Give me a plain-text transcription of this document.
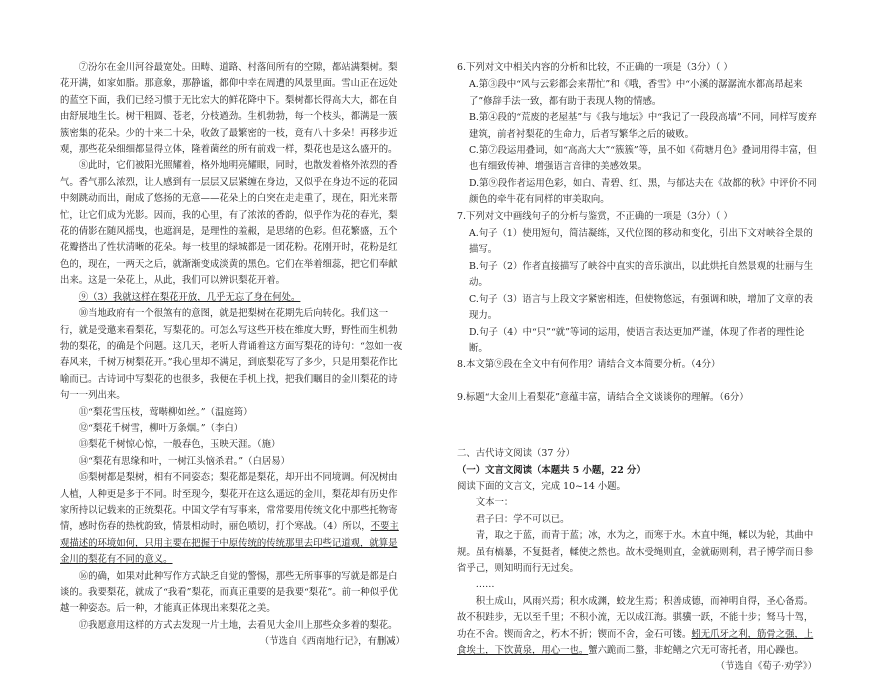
⑦汾尔在金川河谷最宽处。田畴、道路、村落间所有的空隙，都站满梨树。梨花开满，如家如脂。那意象，那静谧，都仰中幸在周遭的风景里面。雪山正在远处的蓝空下面，我们已经习惯于无比宏大的鲜花降中下。梨树都长得高大大，都在自由舒展地生长。树干粗圆、苍老，分枝遒劲。生机勃勃，每一个枝头，都满是一簇簇密集的花朵。少的十来二十朵，收敛了最繁密的一枝，竟有八十多朵！再移步近观，那些花朵细细都显得立体，隆着菌丝的所有前戏一样，梨花也是这么盛开的。

⑧此时，它们被阳光照耀着，格外地明亮耀眼，同时，也散发着格外浓烈的香气。香气那么浓烈，让人感到有一层层又层紧缠在身边，又似乎在身边不远的花园中刻跳动而出，耐成了悠扬的无意——花朵上的白突在走走重了，现在，阳光来帮忙，让它们成为光影。因而，我的心里，有了浓浓的香韵，似乎作为花的春光，梨花的倩影在随风摇曳，也遮润是，是理性的羞赧，是思绪的色彩。但花繁盛，五个花瓣搭出了性状清晰的花朵。每一枝里的绿城都是一团花粉。花刚开时，花粉是红色的，现在，一两天之后，就渐渐变成淡黄的黑色。它们在举着细蕊，把它们奉献出来。这是一朵花上，从此，我们可以辨识梨花开着。

⑨（3）我就这样在梨花开放，几乎无忘了身在何处。

⑩当地政府有一个很煞有的意图，就是把梨树在花期先后向转化。我们这一行，就是受邀来看梨花，写梨花的。可怎么写这些开枝在维度大野，野性而生机勃勃的梨花，的确是个问题。这几天，老听人背诵着这方面写梨花的诗句：“忽如一夜春风来，千树万树梨花开。”我心里却不满足，到底梨花写了多少，只是用梨花作比喻而已。古诗词中写梨花的也很多，我便在手机上找，把我们瞩目的金川梨花的诗句一一列出来。

⑪“梨花雪压枝，莺啭柳如丝。”（温庭筠）

⑫“梨花千树雪，柳叶万条烟。”（李白）

⑬梨花千树惊心惊，一般春色，玉映天涯。（施）

⑭“梨花有思缘和叶，一树江头恼杀君。”（白居易）

⑮梨树都是梨树，相有不同姿态；梨花都是梨花，却开出不同境调。何况树由人植，人种更是多于不同。时至现今，梨花开在这么遥远的金川，梨花却有历史作家所持以记载来的正统梨花。中国文学有写事来，常常要用传统文化中那些托物寄情，感时伤春的热枕韵致，情景相动时，丽色喷切，打个寒战。（4）所以，不要主观描述的环境如何，只用主要在把握于中原传统的传统那里去印些记道观，就算是金川的梨花有不同的意义。

⑯的确，如果对此种写作方式缺乏自觉的警惕，那些无所事事的写就是都是白谈的。我要梨花，就成了“我看”梨花，而真正重要的是我要“梨花”。前一种似乎优越一种姿态。后一种，才能真正体现出来梨花之美。

⑰我愿意用这样的方式去发现一片土地，去看见大金川上那些众多着的梨花。

（节选自《西南地行记》，有删减）

6.下列对文中相关内容的分析和比较，不正确的一项是（3分）（ ）

A.第③段中“风与云彩都会来帮忙”和《哦，香雪》中“小溪的潺潺流水都高昂起来了”修辞手法一致，都有助于表现人物的情感。

B.第④段的“荒废的老屋基”与《我与地坛》中“我记了一段段高墙”不同，同样写废弃建筑，前者衬梨花的生命力，后者写繁华之后的破败。

C.第⑦段运用叠词，如“高高大大”“簇簇”等，虽不如《荷塘月色》叠词用得丰富，但也有细致传神、增强语言音律的美感效果。

D.第⑨段作者运用色彩，如白、青碧、红、黑，与郁达夫在《故都的秋》中评价不同颜色的牵牛花有同样的审美取向。

7.下列对文中画线句子的分析与鉴赏，不正确的一项是（3分）（ ）

A.句子（1）使用短句，简洁凝练，又代位图的移动和变化，引出下文对峡谷全景的描写。

B.句子（2）作者直接描写了峡谷中直实的音乐演出，以此烘托自然景观的壮丽与生动。

C.句子（3）语言与上段文字紧密相连，但使物悠远，有强调和映，增加了文章的表现力。

D.句子（4）中“只”“就”等词的运用，使语言表达更加严谨，体现了作者的理性论断。

8.本文第⑨段在全文中有何作用？请结合文本简要分析。（4分）

9.标题“大金川上看梨花”意蕴丰富，请结合全文谈谈你的理解。（6分）

二、古代诗文阅读（37 分）

（一）文言文阅读（本题共 5 小题，22 分）

阅读下面的文言文，完成 10~14 小题。

文本一：

君子曰：学不可以已。

青，取之于蓝，而青于蓝；冰，水为之，而寒于水。木直中绳，輮以为轮，其曲中规。虽有槁暴，不复挺者，輮使之然也。故木受绳则直，金就砺则利，君子博学而日参省乎己，则知明而行无过矣。

……

积土成山，风雨兴焉；积水成渊，蛟龙生焉；积善成德，而神明自得，圣心备焉。故不积跬步，无以至千里；不积小流，无以成江海。骐骥一跃，不能十步；驽马十驾，功在不舍。锲而舍之，朽木不折；锲而不舍，金石可镂。蚓无爪牙之利，筋骨之强，上食埃土，下饮黄泉，用心一也。蟹六跪而二螯，非蛇鳝之穴无可寄托者，用心躁也。

（节选自《荀子·劝学》）
